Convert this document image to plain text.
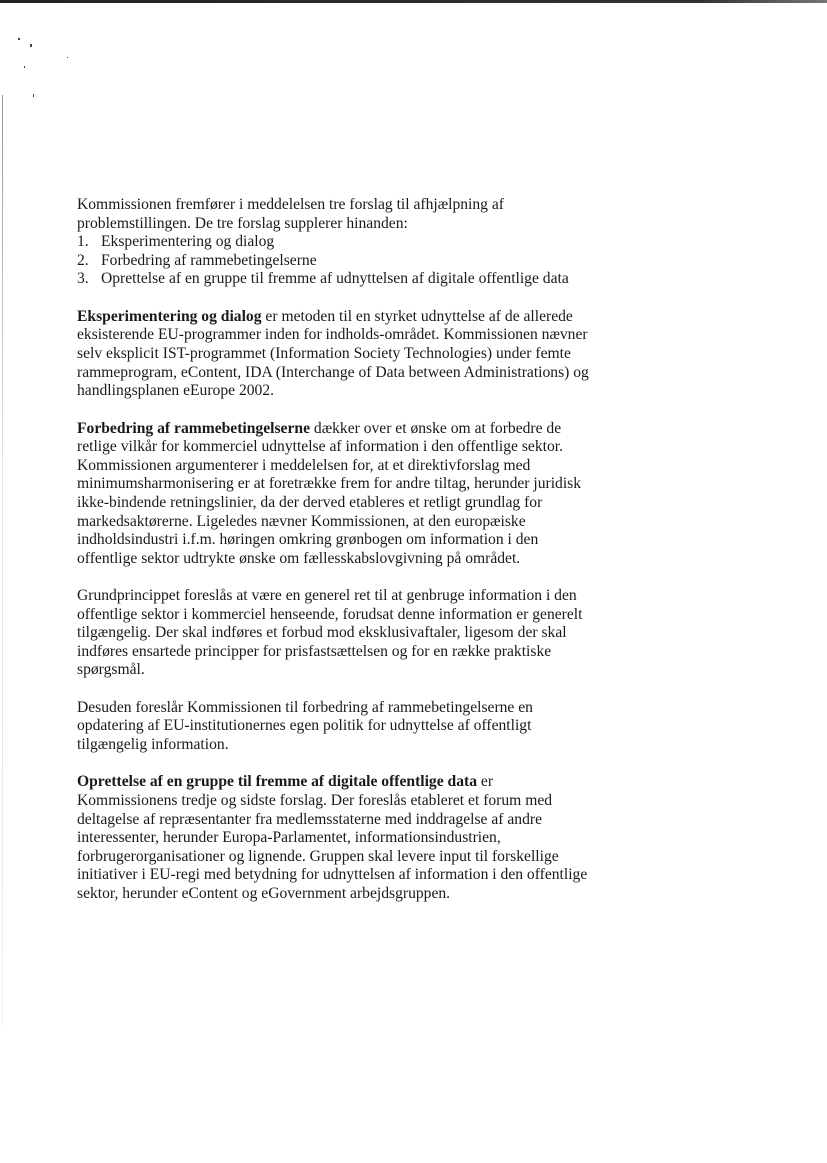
Kommissionen fremfører i meddelelsen tre forslag til afhjælpning af problemstillingen. De tre forslag supplerer hinanden:

1. Eksperimentering og dialog
2. Forbedring af rammebetingelserne
3. Oprettelse af en gruppe til fremme af udnyttelsen af digitale offentlige data

Eksperimentering og dialog er metoden til en styrket udnyttelse af de allerede eksisterende EU-programmer inden for indholds-området. Kommissionen nævner selv eksplicit IST-programmet (Information Society Technologies) under femte rammeprogram, eContent, IDA (Interchange of Data between Administrations) og handlingsplanen eEurope 2002.

Forbedring af rammebetingelserne dækker over et ønske om at forbedre de retlige vilkår for kommerciel udnyttelse af information i den offentlige sektor. Kommissionen argumenterer i meddelelsen for, at et direktivforslag med minimumsharmonisering er at foretrække frem for andre tiltag, herunder juridisk ikke-bindende retningslinier, da der derved etableres et retligt grundlag for markedsaktørerne. Ligeledes nævner Kommissionen, at den europæiske indholdsindustri i.f.m. høringen omkring grønbogen om information i den offentlige sektor udtrykte ønske om fællesskabslovgivning på området.

Grundprincippet foreslås at være en generel ret til at genbruge information i den offentlige sektor i kommerciel henseende, forudsat denne information er generelt tilgængelig. Der skal indføres et forbud mod eksklusivaftaler, ligesom der skal indføres ensartede principper for prisfastsættelsen og for en række praktiske spørgsmål.

Desuden foreslår Kommissionen til forbedring af rammebetingelserne en opdatering af EU-institutionernes egen politik for udnyttelse af offentligt tilgængelig information.

Oprettelse af en gruppe til fremme af digitale offentlige data er Kommissionens tredje og sidste forslag. Der foreslås etableret et forum med deltagelse af repræsentanter fra medlemsstaterne med inddragelse af andre interessenter, herunder Europa-Parlamentet, informationsindustrien, forbrugerorganisationer og lignende. Gruppen skal levere input til forskellige initiativer i EU-regi med betydning for udnyttelsen af information i den offentlige sektor, herunder eContent og eGovernment arbejdsgruppen.
